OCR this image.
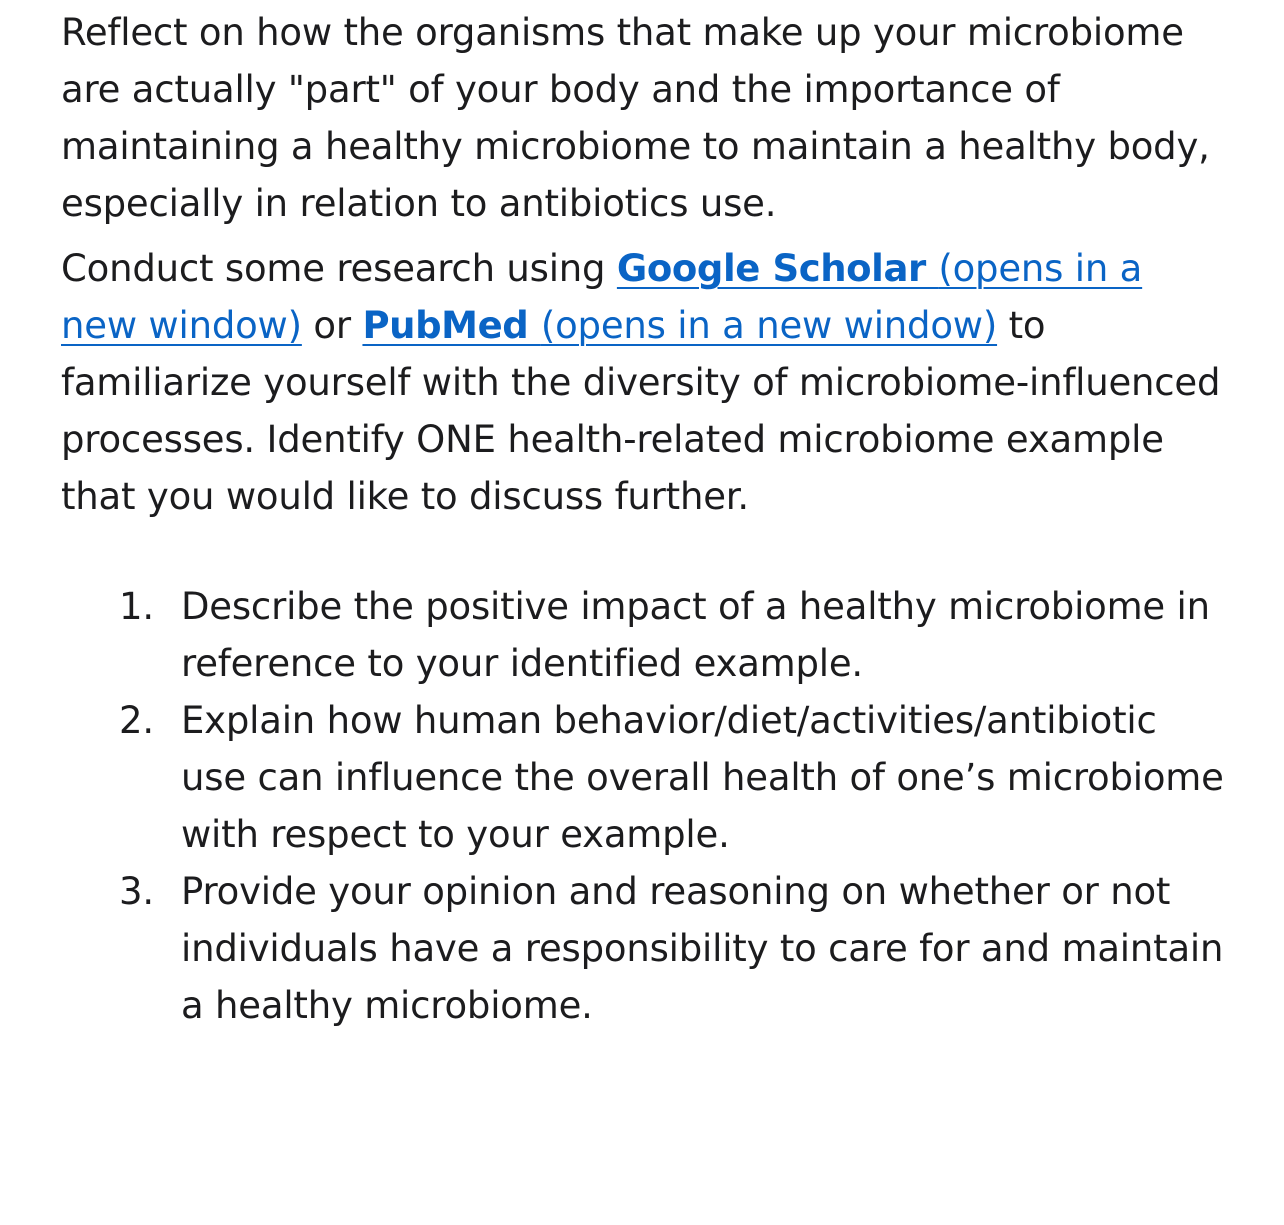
Reflect on how the organisms that make up your microbiome are actually "part" of your body and the importance of maintaining a healthy microbiome to maintain a healthy body, especially in relation to antibiotics use.

Conduct some research using Google Scholar (opens in a new window) or PubMed (opens in a new window) to familiarize yourself with the diversity of microbiome-influenced processes. Identify ONE health-related microbiome example that you would like to discuss further.

1. Describe the positive impact of a healthy microbiome in reference to your identified example.
2. Explain how human behavior/diet/activities/antibiotic use can influence the overall health of one’s microbiome with respect to your example.
3. Provide your opinion and reasoning on whether or not individuals have a responsibility to care for and maintain a healthy microbiome.
